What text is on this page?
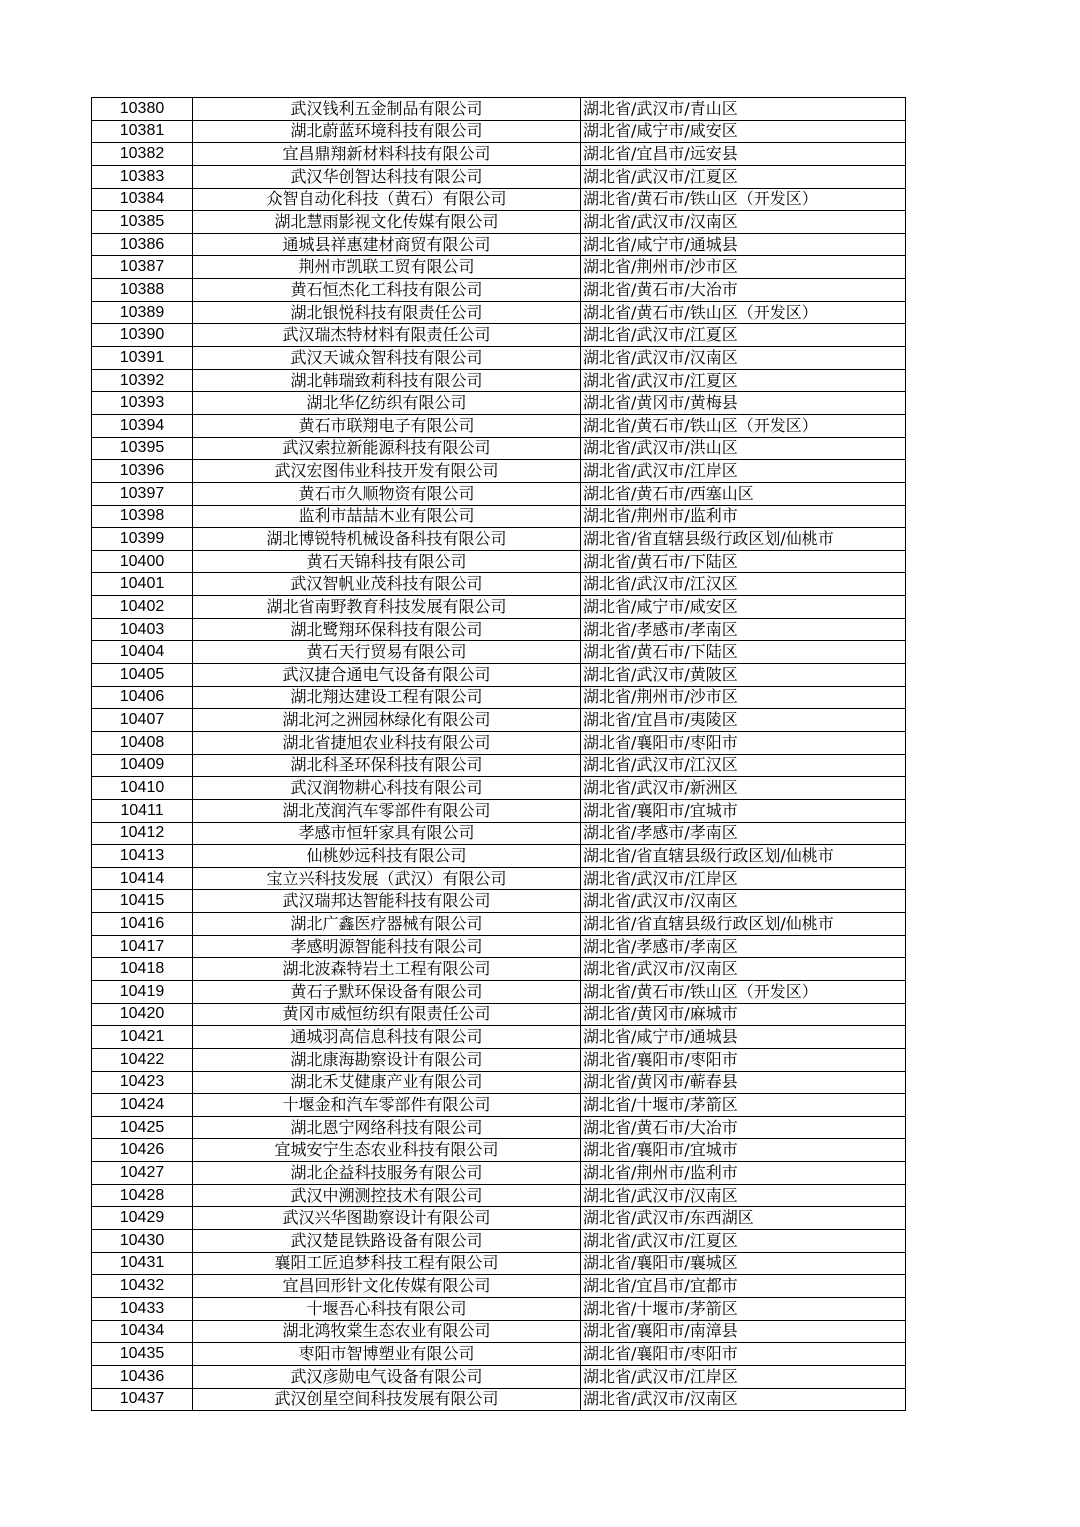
10380	武汉钱利五金制品有限公司	湖北省/武汉市/青山区
10381	湖北蔚蓝环境科技有限公司	湖北省/咸宁市/咸安区
10382	宜昌鼎翔新材料科技有限公司	湖北省/宜昌市/远安县
10383	武汉华创智达科技有限公司	湖北省/武汉市/江夏区
10384	众智自动化科技（黄石）有限公司	湖北省/黄石市/铁山区（开发区）
10385	湖北慧雨影视文化传媒有限公司	湖北省/武汉市/汉南区
10386	通城县祥惠建材商贸有限公司	湖北省/咸宁市/通城县
10387	荆州市凯联工贸有限公司	湖北省/荆州市/沙市区
10388	黄石恒杰化工科技有限公司	湖北省/黄石市/大冶市
10389	湖北银悦科技有限责任公司	湖北省/黄石市/铁山区（开发区）
10390	武汉瑞杰特材料有限责任公司	湖北省/武汉市/江夏区
10391	武汉天诚众智科技有限公司	湖北省/武汉市/汉南区
10392	湖北韩瑞致莉科技有限公司	湖北省/武汉市/江夏区
10393	湖北华亿纺织有限公司	湖北省/黄冈市/黄梅县
10394	黄石市联翔电子有限公司	湖北省/黄石市/铁山区（开发区）
10395	武汉索拉新能源科技有限公司	湖北省/武汉市/洪山区
10396	武汉宏图伟业科技开发有限公司	湖北省/武汉市/江岸区
10397	黄石市久顺物资有限公司	湖北省/黄石市/西塞山区
10398	监利市喆喆木业有限公司	湖北省/荆州市/监利市
10399	湖北博锐特机械设备科技有限公司	湖北省/省直辖县级行政区划/仙桃市
10400	黄石天锦科技有限公司	湖北省/黄石市/下陆区
10401	武汉智帆业茂科技有限公司	湖北省/武汉市/江汉区
10402	湖北省南野教育科技发展有限公司	湖北省/咸宁市/咸安区
10403	湖北鹭翔环保科技有限公司	湖北省/孝感市/孝南区
10404	黄石天行贸易有限公司	湖北省/黄石市/下陆区
10405	武汉捷合通电气设备有限公司	湖北省/武汉市/黄陂区
10406	湖北翔达建设工程有限公司	湖北省/荆州市/沙市区
10407	湖北河之洲园林绿化有限公司	湖北省/宜昌市/夷陵区
10408	湖北省捷旭农业科技有限公司	湖北省/襄阳市/枣阳市
10409	湖北科圣环保科技有限公司	湖北省/武汉市/江汉区
10410	武汉润物耕心科技有限公司	湖北省/武汉市/新洲区
10411	湖北茂润汽车零部件有限公司	湖北省/襄阳市/宜城市
10412	孝感市恒轩家具有限公司	湖北省/孝感市/孝南区
10413	仙桃妙远科技有限公司	湖北省/省直辖县级行政区划/仙桃市
10414	宝立兴科技发展（武汉）有限公司	湖北省/武汉市/江岸区
10415	武汉瑞邦达智能科技有限公司	湖北省/武汉市/汉南区
10416	湖北广鑫医疗器械有限公司	湖北省/省直辖县级行政区划/仙桃市
10417	孝感明源智能科技有限公司	湖北省/孝感市/孝南区
10418	湖北波森特岩土工程有限公司	湖北省/武汉市/汉南区
10419	黄石子默环保设备有限公司	湖北省/黄石市/铁山区（开发区）
10420	黄冈市威恒纺织有限责任公司	湖北省/黄冈市/麻城市
10421	通城羽高信息科技有限公司	湖北省/咸宁市/通城县
10422	湖北康海勘察设计有限公司	湖北省/襄阳市/枣阳市
10423	湖北禾艾健康产业有限公司	湖北省/黄冈市/蕲春县
10424	十堰金和汽车零部件有限公司	湖北省/十堰市/茅箭区
10425	湖北恩宁网络科技有限公司	湖北省/黄石市/大冶市
10426	宜城安宁生态农业科技有限公司	湖北省/襄阳市/宜城市
10427	湖北企益科技服务有限公司	湖北省/荆州市/监利市
10428	武汉中溯测控技术有限公司	湖北省/武汉市/汉南区
10429	武汉兴华图勘察设计有限公司	湖北省/武汉市/东西湖区
10430	武汉楚昆铁路设备有限公司	湖北省/武汉市/江夏区
10431	襄阳工匠追梦科技工程有限公司	湖北省/襄阳市/襄城区
10432	宜昌回形针文化传媒有限公司	湖北省/宜昌市/宜都市
10433	十堰吾心科技有限公司	湖北省/十堰市/茅箭区
10434	湖北鸿牧棠生态农业有限公司	湖北省/襄阳市/南漳县
10435	枣阳市智博塑业有限公司	湖北省/襄阳市/枣阳市
10436	武汉彦勋电气设备有限公司	湖北省/武汉市/江岸区
10437	武汉创星空间科技发展有限公司	湖北省/武汉市/汉南区
